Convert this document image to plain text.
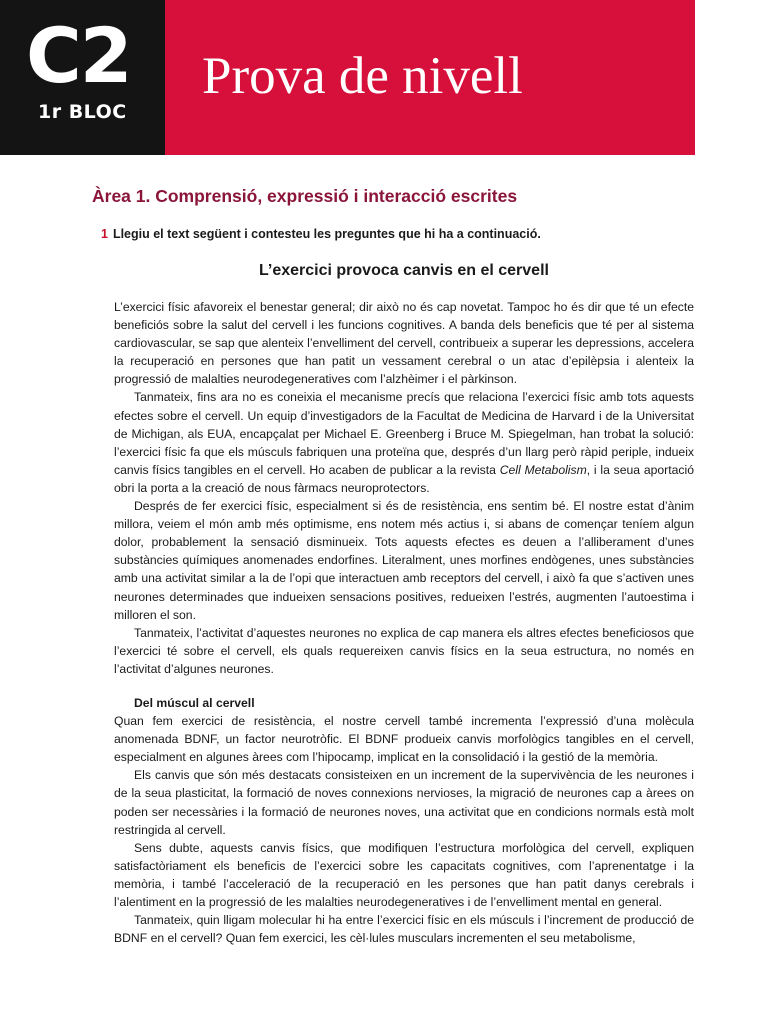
C2
1r BLOC
Prova de nivell
Àrea 1. Comprensió, expressió i interacció escrites
1 Llegiu el text següent i contesteu les preguntes que hi ha a continuació.
L’exercici provoca canvis en el cervell

L’exercici físic afavoreix el benestar general; dir això no és cap novetat. Tampoc ho és dir que té un efecte beneficiós sobre la salut del cervell i les funcions cognitives. A banda dels beneficis que té per al sistema cardiovascular, se sap que alenteix l’envelliment del cervell, contribueix a superar les depressions, accelera la recuperació en persones que han patit un vessament cerebral o un atac d’epilèpsia i alenteix la progressió de malalties neurodegeneratives com l’alzhèimer i el pàrkinson.

Tanmateix, fins ara no es coneixia el mecanisme precís que relaciona l’exercici físic amb tots aquests efectes sobre el cervell. Un equip d’investigadors de la Facultat de Medicina de Harvard i de la Universitat de Michigan, als EUA, encapçalat per Michael E. Greenberg i Bruce M. Spiegelman, han trobat la solució: l’exercici físic fa que els músculs fabriquen una proteïna que, després d’un llarg però ràpid periple, indueix canvis físics tangibles en el cervell. Ho acaben de publicar a la revista Cell Metabolism, i la seua aportació obri la porta a la creació de nous fàrmacs neuroprotectors.

Després de fer exercici físic, especialment si és de resistència, ens sentim bé. El nostre estat d’ànim millora, veiem el món amb més optimisme, ens notem més actius i, si abans de començar teníem algun dolor, probablement la sensació disminueix. Tots aquests efectes es deuen a l’alliberament d’unes substàncies químiques anomenades endorfines. Literalment, unes morfines endògenes, unes substàncies amb una activitat similar a la de l’opi que interactuen amb receptors del cervell, i això fa que s’activen unes neurones determinades que indueixen sensacions positives, redueixen l’estrés, augmenten l’autoestima i milloren el son.

Tanmateix, l’activitat d’aquestes neurones no explica de cap manera els altres efectes beneficiosos que l’exercici té sobre el cervell, els quals requereixen canvis físics en la seua estructura, no només en l’activitat d’algunes neurones.

Del múscul al cervell

Quan fem exercici de resistència, el nostre cervell també incrementa l’expressió d’una molècula anomenada BDNF, un factor neurotròfic. El BDNF produeix canvis morfològics tangibles en el cervell, especialment en algunes àrees com l’hipocamp, implicat en la consolidació i la gestió de la memòria.

Els canvis que són més destacats consisteixen en un increment de la supervivència de les neurones i de la seua plasticitat, la formació de noves connexions nervioses, la migració de neurones cap a àrees on poden ser necessàries i la formació de neurones noves, una activitat que en condicions normals està molt restringida al cervell.

Sens dubte, aquests canvis físics, que modifiquen l’estructura morfològica del cervell, expliquen satisfactòriament els beneficis de l’exercici sobre les capacitats cognitives, com l’aprenentatge i la memòria, i també l’acceleració de la recuperació en les persones que han patit danys cerebrals i l’alentiment en la progressió de les malalties neurodegeneratives i de l’envelliment mental en general.

Tanmateix, quin lligam molecular hi ha entre l’exercici físic en els músculs i l’increment de producció de BDNF en el cervell? Quan fem exercici, les cèl·lules musculars incrementen el seu metabolisme,
